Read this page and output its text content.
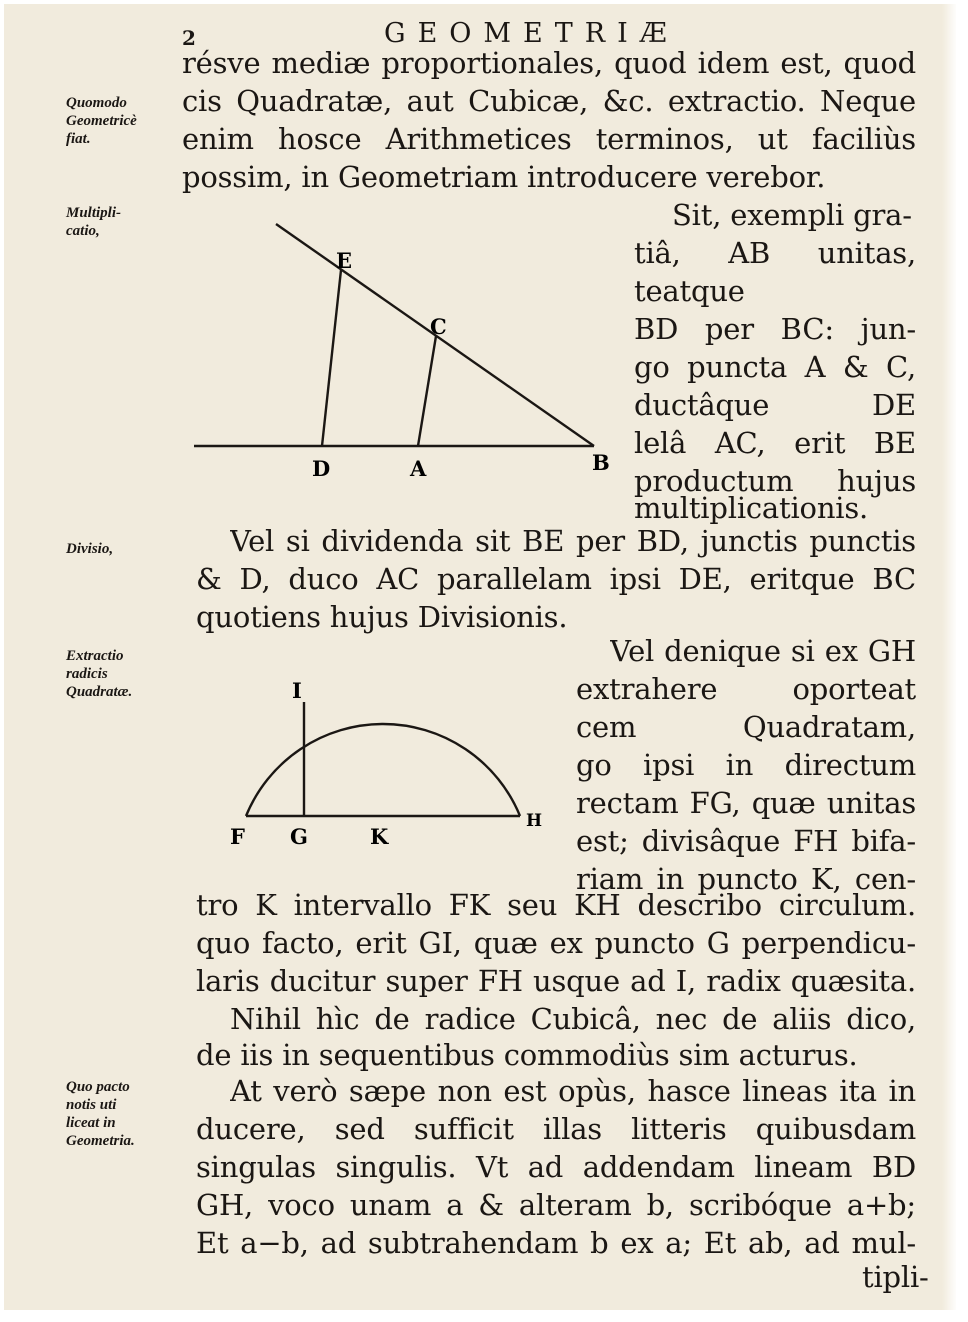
2	GEOMETRIÆ
Quomodo
Geometricè
fiat.
Multipli-
catio,
Divisio,
Extractio
radicis
Quadratæ.
Quo pacto
notis uti
liceat in
Geometria.
résve mediæ proportionales, quod idem est, quod
cis Quadratæ, aut Cubicæ, &c. extractio. Neque
enim hosce Arithmetices terminos, ut faciliùs
possim, in Geometriam introducere verebor.
Sit, exempli gra-
tiâ, AB unitas,
teatque
BD per BC: jun-
go puncta A & C,
ductâque DE
lelâ AC, erit BE
productum hujus
multiplicationis.
E
C
D	A	B
Vel si dividenda sit BE per BD, junctis punctis
& D, duco AC parallelam ipsi DE, eritque BC
quotiens hujus Divisionis.
Vel denique si ex GH
extrahere oporteat
cem Quadratam,
go ipsi in directum
rectam FG, quæ unitas
est; divisâque FH bifa-
riam in puncto K, cen-
I
F G	K
H
tro K intervallo FK seu KH describo circulum.
quo facto, erit GI, quæ ex puncto G perpendicu-
laris ducitur super FH usque ad I, radix quæsita.
Nihil hìc de radice Cubicâ, nec de aliis dico,
de iis in sequentibus commodiùs sim acturus.
At verò sæpe non est opùs, hasce lineas ita in
ducere, sed sufficit illas litteris quibusdam
singulas singulis. Vt ad addendam lineam BD
GH, voco unam a & alteram b, scribóque a+b;
Et a−b, ad subtrahendam b ex a; Et ab, ad mul-
tipli-
